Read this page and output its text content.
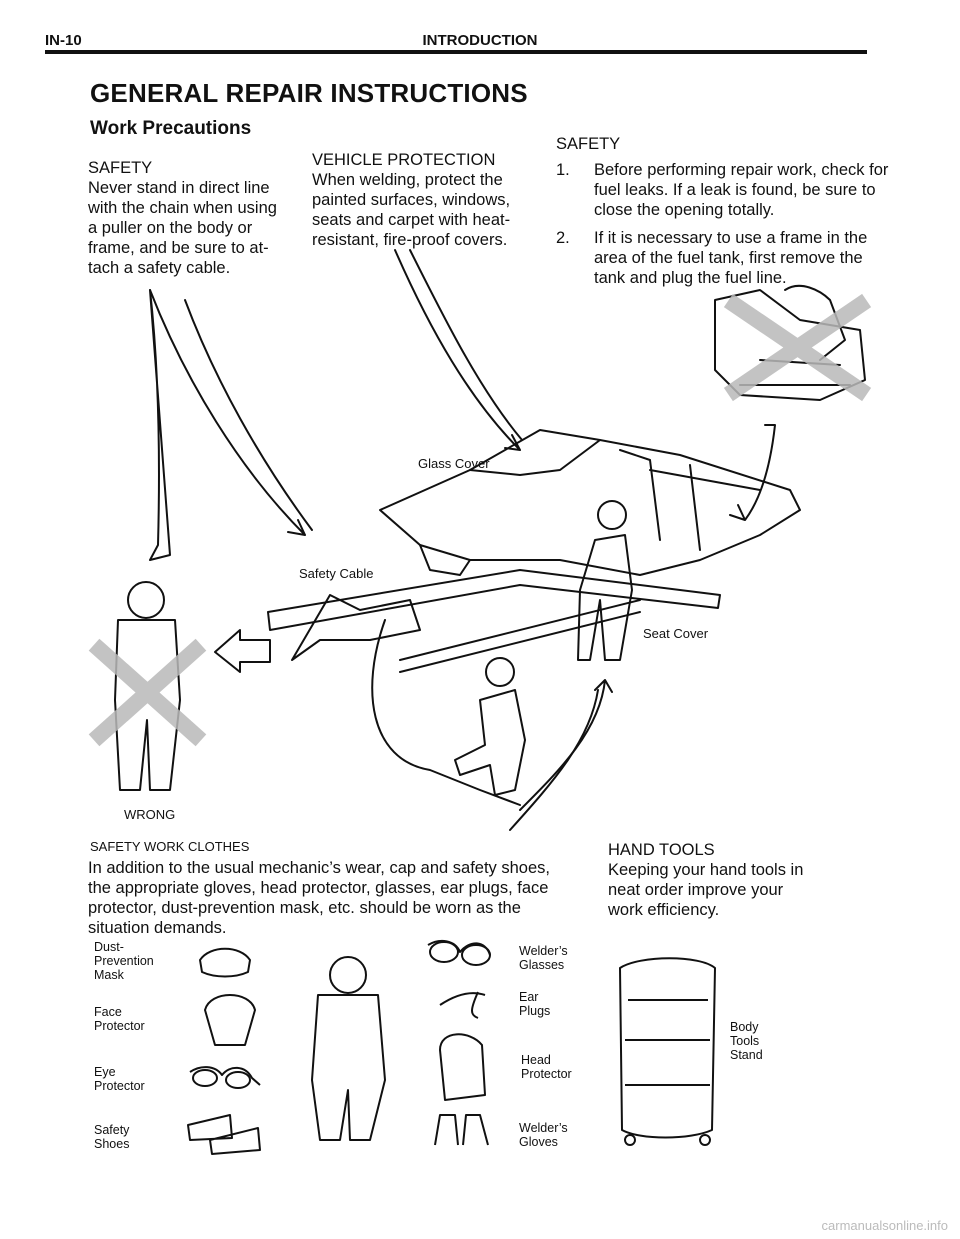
IN-10	INTRODUCTION
GENERAL REPAIR INSTRUCTIONS
Work Precautions
SAFETY
Never stand in direct line
with the chain when using
a puller on the body or
frame, and be sure to at-
tach a safety cable.
VEHICLE PROTECTION
When welding, protect the
painted surfaces, windows,
seats and carpet with heat-
resistant, fire-proof covers.
SAFETY
1. Before performing repair work, check for fuel leaks. If a leak is found, be sure to close the opening totally.
2. If it is necessary to use a frame in the area of the fuel tank, first remove the tank and plug the fuel line.
Glass Cover
Safety Cable
Seat Cover
WRONG
SAFETY WORK CLOTHES
In addition to the usual mechanic’s wear, cap and safety shoes,
the appropriate gloves, head protector, glasses, ear plugs, face
protector, dust-prevention mask, etc. should be worn as the
situation demands.
Dust-
Prevention
Mask
Face
Protector
Eye
Protector
Safety
Shoes
Welder’s
Glasses
Ear
Plugs
Head
Protector
Welder’s
Gloves
HAND TOOLS
Keeping your hand tools in
neat order improve your
work efficiency.
Body
Tools
Stand
carmanualsonline.info
